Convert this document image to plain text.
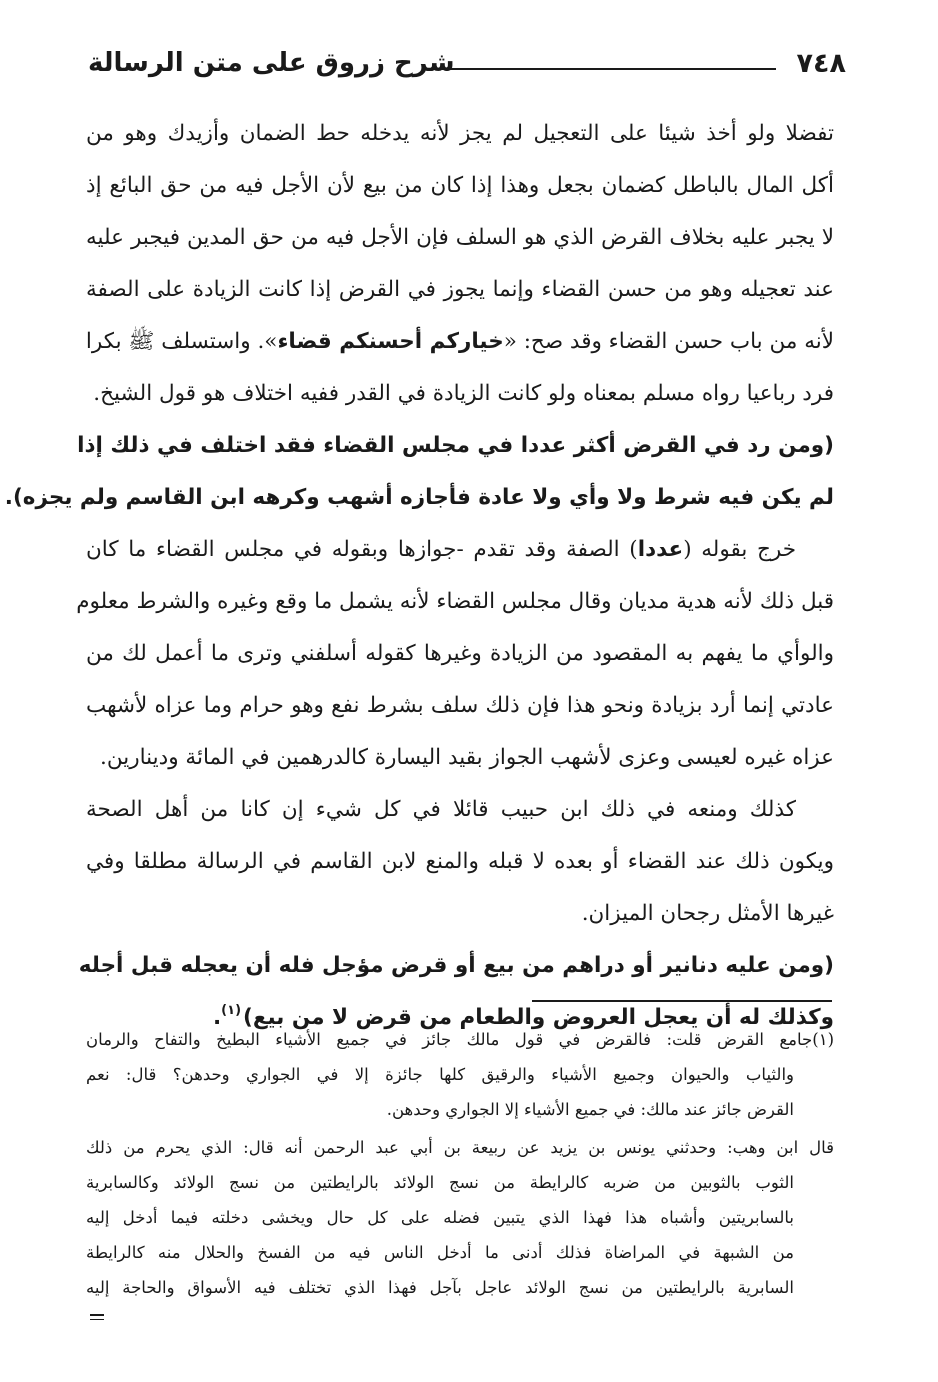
٧٤٨
شرح زروق على متن الرسالة
تفضلا ولو أخذ شيئا على التعجيل لم يجز لأنه يدخله حط الضمان وأزيدك وهو من
أكل المال بالباطل كضمان بجعل وهذا إذا كان من بيع لأن الأجل فيه من حق البائع إذ
لا يجبر عليه بخلاف القرض الذي هو السلف فإن الأجل فيه من حق المدين فيجبر عليه
عند تعجيله وهو من حسن القضاء وإنما يجوز في القرض إذا كانت الزيادة على الصفة
لأنه من باب حسن القضاء وقد صح: «خياركم أحسنكم قضاء». واستسلف ﷺ بكرا
فرد رباعيا رواه مسلم بمعناه ولو كانت الزيادة في القدر ففيه اختلاف هو قول الشيخ.
(ومن رد في القرض أكثر عددا في مجلس القضاء فقد اختلف في ذلك إذا
لم يكن فيه شرط ولا وأي ولا عادة فأجازه أشهب وكرهه ابن القاسم ولم يجزه).
خرج بقوله (عددا) الصفة وقد تقدم -جوازها وبقوله في مجلس القضاء ما كان
قبل ذلك لأنه هدية مديان وقال مجلس القضاء لأنه يشمل ما وقع وغيره والشرط معلوم
والوأي ما يفهم به المقصود من الزيادة وغيرها كقوله أسلفني وترى ما أعمل لك من
عادتي إنما أرد بزيادة ونحو هذا فإن ذلك سلف بشرط نفع وهو حرام وما عزاه لأشهب
عزاه غيره لعيسى وعزى لأشهب الجواز بقيد اليسارة كالدرهمين في المائة ودينارين.
كذلك ومنعه في ذلك ابن حبيب قائلا في كل شيء إن كانا من أهل الصحة
ويكون ذلك عند القضاء أو بعده لا قبله والمنع لابن القاسم في الرسالة مطلقا وفي
غيرها الأمثل رجحان الميزان.
(ومن عليه دنانير أو دراهم من بيع أو قرض مؤجل فله أن يعجله قبل أجله
وكذلك له أن يعجل العروض والطعام من قرض لا من بيع)$^{(١)}$.
(١)جامع القرض قلت: فالقرض في قول مالك جائز في جميع الأشياء البطيخ والتفاح والرمان
والثياب والحيوان وجميع الأشياء والرقيق كلها جائزة إلا في الجواري وحدهن؟ قال: نعم
القرض جائز عند مالك: في جميع الأشياء إلا الجواري وحدهن.
قال ابن وهب: وحدثني يونس بن يزيد عن ربيعة بن أبي عبد الرحمن أنه قال: الذي يحرم من ذلك
الثوب بالثوبين من ضربه كالرايطة من نسج الولائد بالرايطتين من نسج الولائد وكالسابرية
بالسابريتين وأشباه هذا فهذا الذي يتبين فضله على كل حال ويخشى دخلته فيما أدخل إليه
من الشبهة في المراضاة فذلك أدنى ما أدخل الناس فيه من الفسخ والحلال منه كالرايطة
السابرية بالرايطتين من نسج الولائد عاجل بآجل فهذا الذي تختلف فيه الأسواق والحاجة إليه
